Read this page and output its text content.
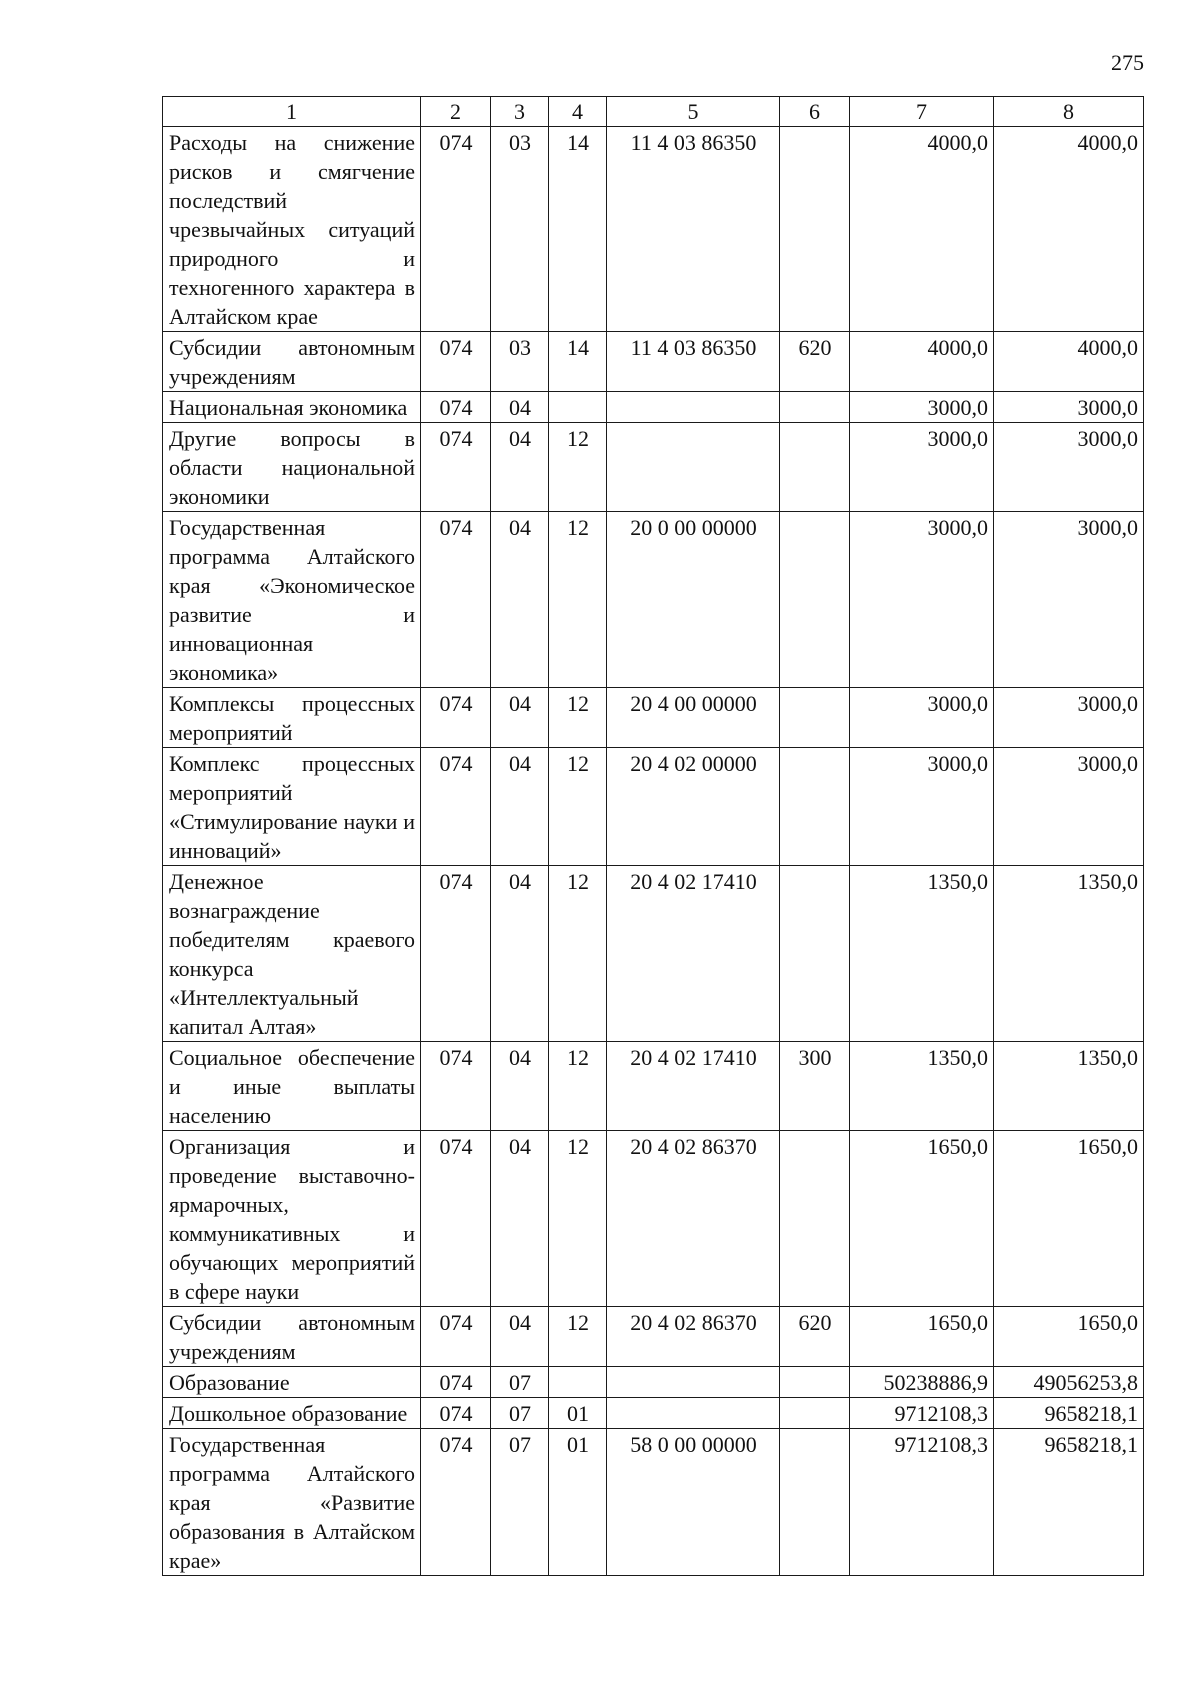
275
1	2	3	4	5	6	7	8
Расходы на снижение рисков и смягчение последствий чрезвычайных ситуаций природного и техногенного характера в Алтайском крае	074	03	14	11 4 03 86350		4000,0	4000,0
Субсидии автономным учреждениям	074	03	14	11 4 03 86350	620	4000,0	4000,0
Национальная экономика	074	04				3000,0	3000,0
Другие вопросы в области национальной экономики	074	04	12			3000,0	3000,0
Государственная программа Алтайского края «Экономическое развитие и инновационная экономика»	074	04	12	20 0 00 00000		3000,0	3000,0
Комплексы процессных мероприятий	074	04	12	20 4 00 00000		3000,0	3000,0
Комплекс процессных мероприятий «Стимулирование науки и инноваций»	074	04	12	20 4 02 00000		3000,0	3000,0
Денежное вознаграждение победителям краевого конкурса «Интеллектуальный капитал Алтая»	074	04	12	20 4 02 17410		1350,0	1350,0
Социальное обеспечение и иные выплаты населению	074	04	12	20 4 02 17410	300	1350,0	1350,0
Организация и проведение выставочно-ярмарочных, коммуникативных и обучающих мероприятий в сфере науки	074	04	12	20 4 02 86370		1650,0	1650,0
Субсидии автономным учреждениям	074	04	12	20 4 02 86370	620	1650,0	1650,0
Образование	074	07				50238886,9	49056253,8
Дошкольное образование	074	07	01			9712108,3	9658218,1
Государственная программа Алтайского края «Развитие образования в Алтайском крае»	074	07	01	58 0 00 00000		9712108,3	9658218,1
